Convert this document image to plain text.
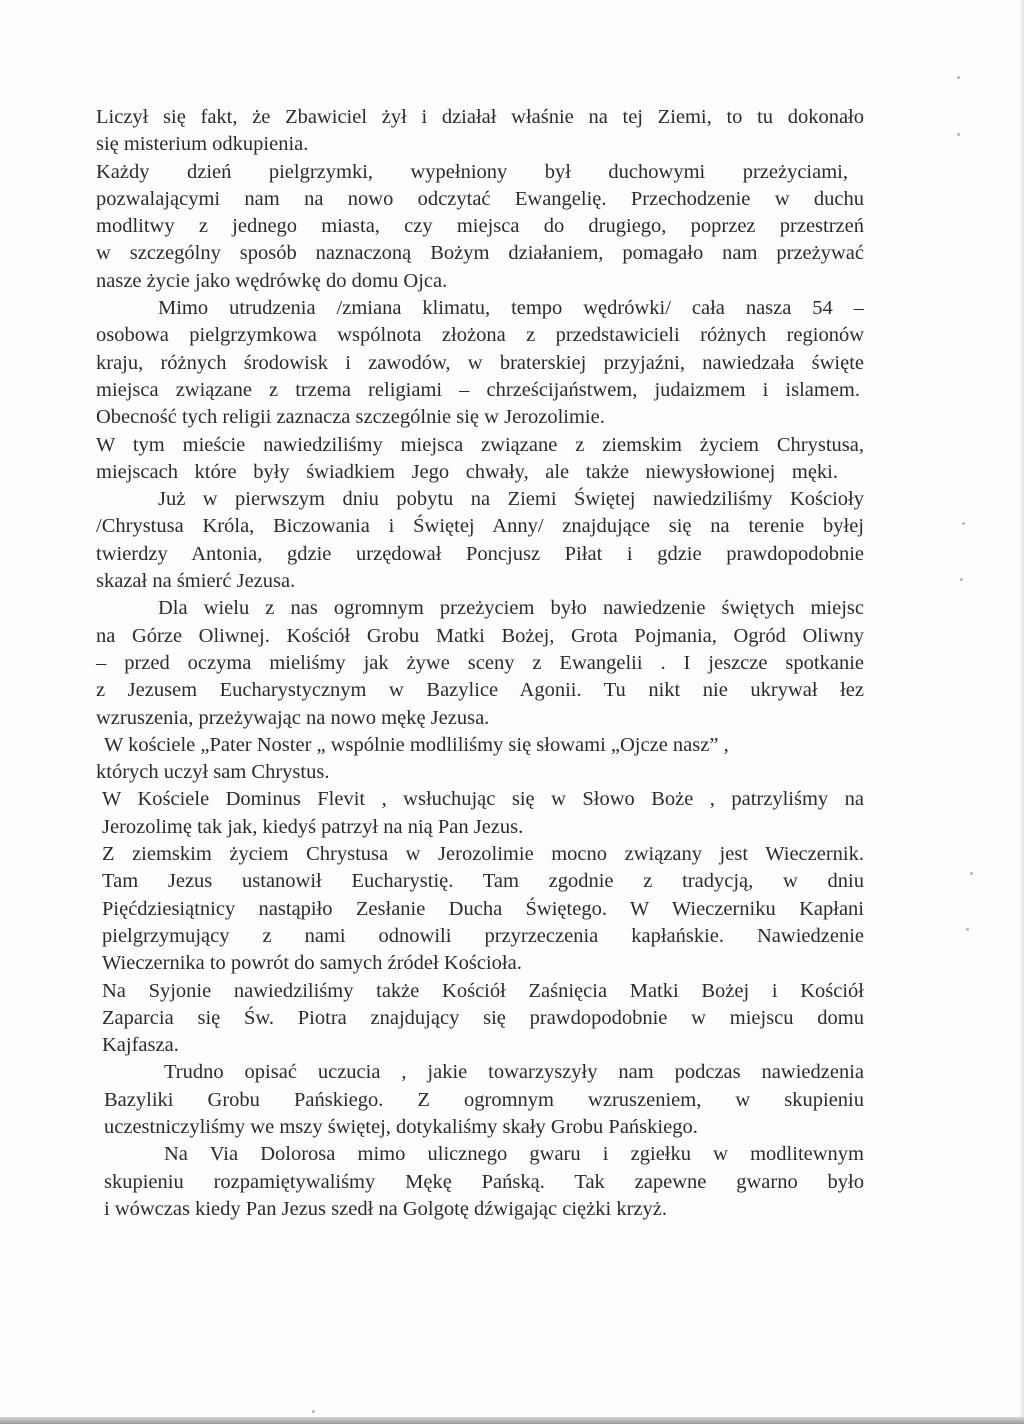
Liczył się fakt, że Zbawiciel żył i działał właśnie na tej Ziemi, to tu dokonało
się misterium odkupienia.
Każdy dzień pielgrzymki, wypełniony był duchowymi przeżyciami,
pozwalającymi nam na nowo odczytać Ewangelię. Przechodzenie w duchu
modlitwy z jednego miasta, czy miejsca do drugiego, poprzez przestrzeń
w szczególny sposób naznaczoną Bożym działaniem, pomagało nam przeżywać
nasze życie jako wędrówkę do domu Ojca.
Mimo utrudzenia /zmiana klimatu, tempo wędrówki/ cała nasza 54 –
osobowa pielgrzymkowa wspólnota złożona z przedstawicieli różnych regionów
kraju, różnych środowisk i zawodów, w braterskiej przyjaźni, nawiedzała święte
miejsca związane z trzema religiami – chrześcijaństwem, judaizmem i islamem.
Obecność tych religii zaznacza szczególnie się w Jerozolimie.
W tym mieście nawiedziliśmy miejsca związane z ziemskim życiem Chrystusa,
miejscach które były świadkiem Jego chwały, ale także niewysłowionej męki.
Już w pierwszym dniu pobytu na Ziemi Świętej nawiedziliśmy Kościoły
/Chrystusa Króla, Biczowania i Świętej Anny/ znajdujące się na terenie byłej
twierdzy Antonia, gdzie urzędował Poncjusz Piłat i gdzie prawdopodobnie
skazał na śmierć Jezusa.
Dla wielu z nas ogromnym przeżyciem było nawiedzenie świętych miejsc
na Górze Oliwnej. Kościół Grobu Matki Bożej, Grota Pojmania, Ogród Oliwny
– przed oczyma mieliśmy jak żywe sceny z Ewangelii . I jeszcze spotkanie
z Jezusem Eucharystycznym w Bazylice Agonii. Tu nikt nie ukrywał łez
wzruszenia, przeżywając na nowo mękę Jezusa.
W kościele „Pater Noster „ wspólnie modliliśmy się słowami „Ojcze nasz” ,
których uczył sam Chrystus.
W Kościele Dominus Flevit , wsłuchując się w Słowo Boże , patrzyliśmy na
Jerozolimę tak jak, kiedyś patrzył na nią Pan Jezus.
Z ziemskim życiem Chrystusa w Jerozolimie mocno związany jest Wieczernik.
Tam Jezus ustanowił Eucharystię. Tam zgodnie z tradycją, w dniu
Pięćdziesiątnicy nastąpiło Zesłanie Ducha Świętego. W Wieczerniku Kapłani
pielgrzymujący z nami odnowili przyrzeczenia kapłańskie. Nawiedzenie
Wieczernika to powrót do samych źródeł Kościoła.
Na Syjonie nawiedziliśmy także Kościół Zaśnięcia Matki Bożej i Kościół
Zaparcia się Św. Piotra znajdujący się prawdopodobnie w miejscu domu
Kajfasza.
Trudno opisać uczucia , jakie towarzyszyły nam podczas nawiedzenia
Bazyliki Grobu Pańskiego. Z ogromnym wzruszeniem, w skupieniu
uczestniczyliśmy we mszy świętej, dotykaliśmy skały Grobu Pańskiego.
Na Via Dolorosa mimo ulicznego gwaru i zgiełku w modlitewnym
skupieniu rozpamiętywaliśmy Mękę Pańską. Tak zapewne gwarno było
i wówczas kiedy Pan Jezus szedł na Golgotę dźwigając ciężki krzyż.
